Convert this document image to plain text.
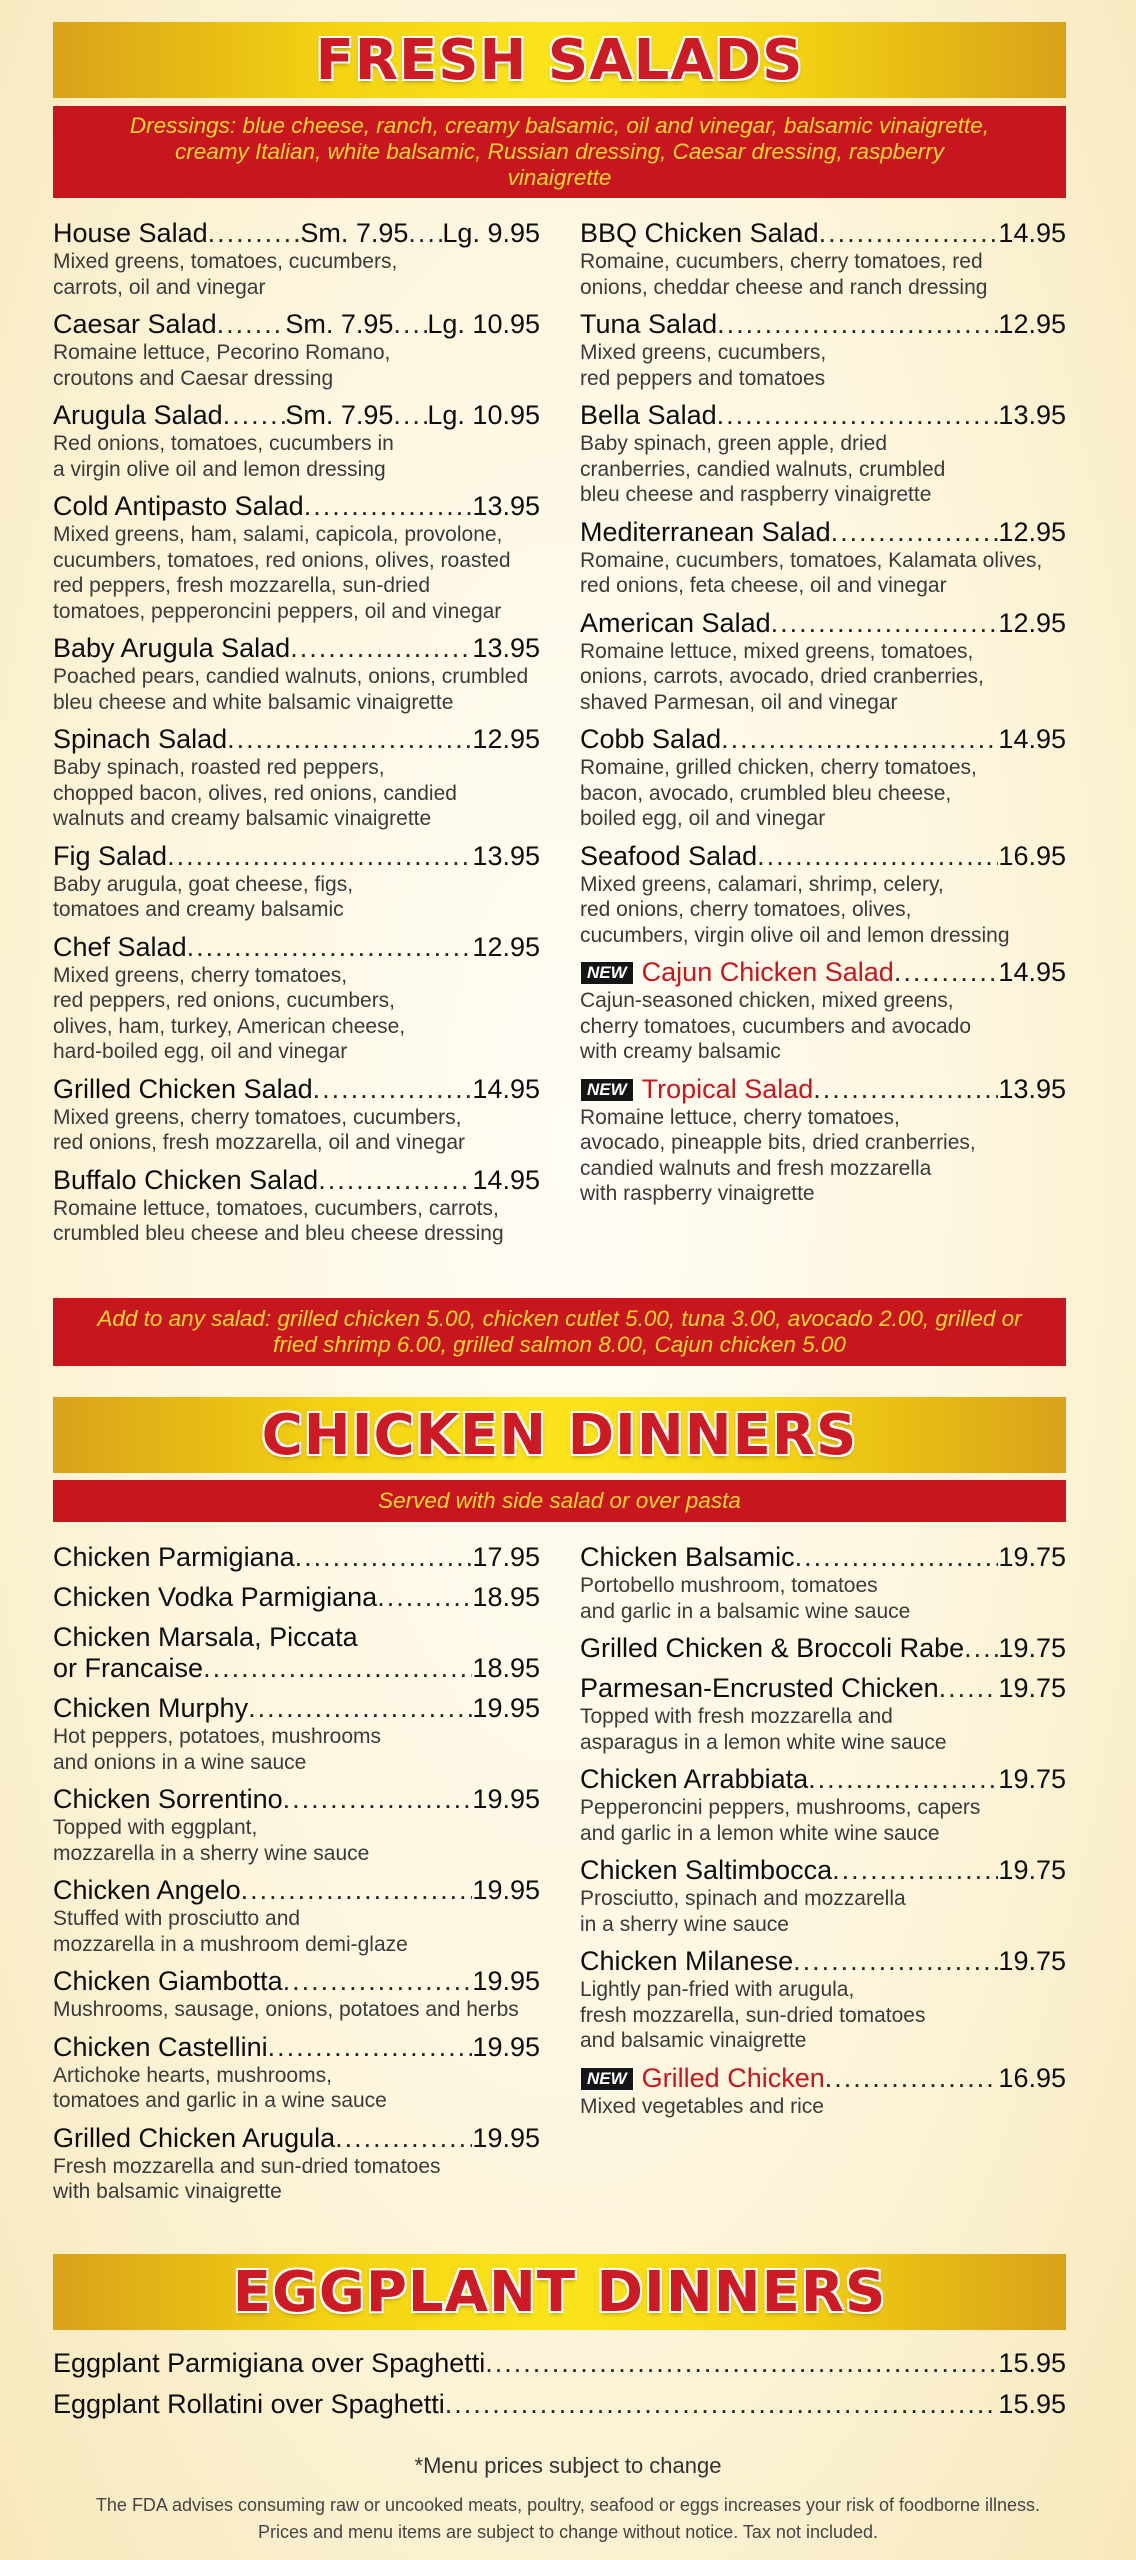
FRESH SALADS
Dressings: blue cheese, ranch, creamy balsamic, oil and vinegar, balsamic vinaigrette, creamy Italian, white balsamic, Russian dressing, Caesar dressing, raspberry vinaigrette
House Salad .....	Sm. 7.95 ..... Lg. 9.95
Mixed greens, tomatoes, cucumbers,
carrots, oil and vinegar
Caesar Salad .....	Sm. 7.95 ..... Lg. 10.95
Romaine lettuce, Pecorino Romano,
croutons and Caesar dressing
Arugula Salad ..... Sm. 7.95 ..... Lg. 10.95
Red onions, tomatoes, cucumbers in
a virgin olive oil and lemon dressing
Cold Antipasto Salad .....	13.95
Mixed greens, ham, salami, capicola, provolone,
cucumbers, tomatoes, red onions, olives, roasted
red peppers, fresh mozzarella, sun-dried
tomatoes, pepperoncini peppers, oil and vinegar
Baby Arugula Salad .....	13.95
Poached pears, candied walnuts, onions, crumbled
bleu cheese and white balsamic vinaigrette
Spinach Salad .....	12.95
Baby spinach, roasted red peppers,
chopped bacon, olives, red onions, candied
walnuts and creamy balsamic vinaigrette
Fig Salad .....	13.95
Baby arugula, goat cheese, figs,
tomatoes and creamy balsamic
Chef Salad .....	12.95
Mixed greens, cherry tomatoes,
red peppers, red onions, cucumbers,
olives, ham, turkey, American cheese,
hard-boiled egg, oil and vinegar
Grilled Chicken Salad .....	14.95
Mixed greens, cherry tomatoes, cucumbers,
red onions, fresh mozzarella, oil and vinegar
Buffalo Chicken Salad .....	14.95
Romaine lettuce, tomatoes, cucumbers, carrots,
crumbled bleu cheese and bleu cheese dressing
BBQ Chicken Salad .....	14.95
Romaine, cucumbers, cherry tomatoes, red
onions, cheddar cheese and ranch dressing
Tuna Salad .....	12.95
Mixed greens, cucumbers,
red peppers and tomatoes
Bella Salad .....	13.95
Baby spinach, green apple, dried
cranberries, candied walnuts, crumbled
bleu cheese and raspberry vinaigrette
Mediterranean Salad .....	12.95
Romaine, cucumbers, tomatoes, Kalamata olives,
red onions, feta cheese, oil and vinegar
American Salad .....	12.95
Romaine lettuce, mixed greens, tomatoes,
onions, carrots, avocado, dried cranberries,
shaved Parmesan, oil and vinegar
Cobb Salad .....	14.95
Romaine, grilled chicken, cherry tomatoes,
bacon, avocado, crumbled bleu cheese,
boiled egg, oil and vinegar
Seafood Salad .....	16.95
Mixed greens, calamari, shrimp, celery,
red onions, cherry tomatoes, olives,
cucumbers, virgin olive oil and lemon dressing
NEW Cajun Chicken Salad .....	14.95
Cajun-seasoned chicken, mixed greens,
cherry tomatoes, cucumbers and avocado
with creamy balsamic
NEW Tropical Salad .....	13.95
Romaine lettuce, cherry tomatoes,
avocado, pineapple bits, dried cranberries,
candied walnuts and fresh mozzarella
with raspberry vinaigrette
Add to any salad: grilled chicken 5.00, chicken cutlet 5.00, tuna 3.00, avocado 2.00, grilled or fried shrimp 6.00, grilled salmon 8.00, Cajun chicken 5.00
CHICKEN DINNERS
Served with side salad or over pasta
Chicken Parmigiana .....	17.95
Chicken Vodka Parmigiana .....	18.95
Chicken Marsala, Piccata
or Francaise .....	18.95
Chicken Murphy .....	19.95
Hot peppers, potatoes, mushrooms
and onions in a wine sauce
Chicken Sorrentino .....	19.95
Topped with eggplant,
mozzarella in a sherry wine sauce
Chicken Angelo .....	19.95
Stuffed with prosciutto and
mozzarella in a mushroom demi-glaze
Chicken Giambotta .....	19.95
Mushrooms, sausage, onions, potatoes and herbs
Chicken Castellini .....	19.95
Artichoke hearts, mushrooms,
tomatoes and garlic in a wine sauce
Grilled Chicken Arugula .....	19.95
Fresh mozzarella and sun-dried tomatoes
with balsamic vinaigrette
Chicken Balsamic .....	19.75
Portobello mushroom, tomatoes
and garlic in a balsamic wine sauce
Grilled Chicken & Broccoli Rabe ..... 19.75
Parmesan-Encrusted Chicken ..... 19.75
Topped with fresh mozzarella and
asparagus in a lemon white wine sauce
Chicken Arrabbiata .....	19.75
Pepperoncini peppers, mushrooms, capers
and garlic in a lemon white wine sauce
Chicken Saltimbocca .....	19.75
Prosciutto, spinach and mozzarella
in a sherry wine sauce
Chicken Milanese .....	19.75
Lightly pan-fried with arugula,
fresh mozzarella, sun-dried tomatoes
and balsamic vinaigrette
NEW Grilled Chicken .....	16.95
Mixed vegetables and rice
EGGPLANT DINNERS
Eggplant Parmigiana over Spaghetti .....	15.95
Eggplant Rollatini over Spaghetti .....	15.95
*Menu prices subject to change
The FDA advises consuming raw or uncooked meats, poultry, seafood or eggs increases your risk of foodborne illness.
Prices and menu items are subject to change without notice. Tax not included.
